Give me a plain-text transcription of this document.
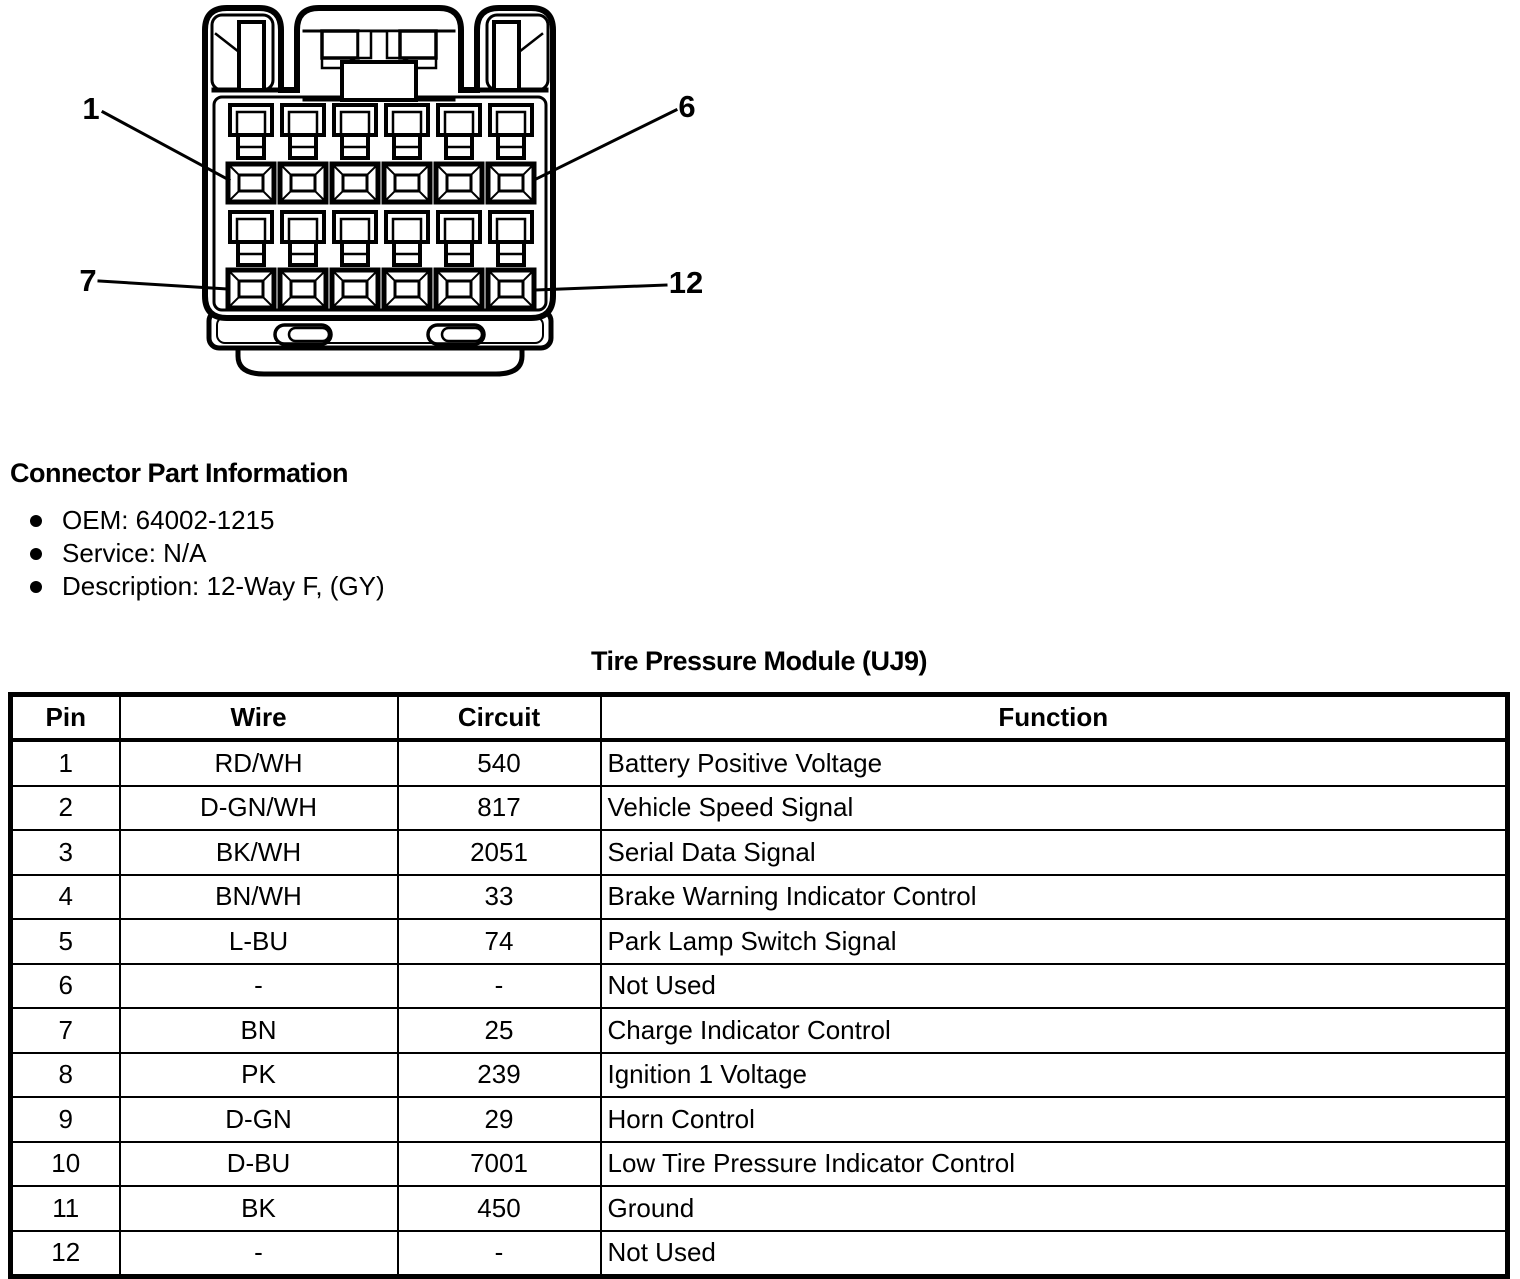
1	6
7	12
Connector Part Information
OEM: 64002-1215
Service: N/A
Description: 12-Way F, (GY)
Tire Pressure Module (UJ9)
Pin	Wire	Circuit	Function
1	RD/WH	540	Battery Positive Voltage
2	D-GN/WH	817	Vehicle Speed Signal
3	BK/WH	2051	Serial Data Signal
4	BN/WH	33	Brake Warning Indicator Control
5	L-BU	74	Park Lamp Switch Signal
6	-	-	Not Used
7	BN	25	Charge Indicator Control
8	PK	239	Ignition 1 Voltage
9	D-GN	29	Horn Control
10	D-BU	7001	Low Tire Pressure Indicator Control
11	BK	450	Ground
12	-	-	Not Used
